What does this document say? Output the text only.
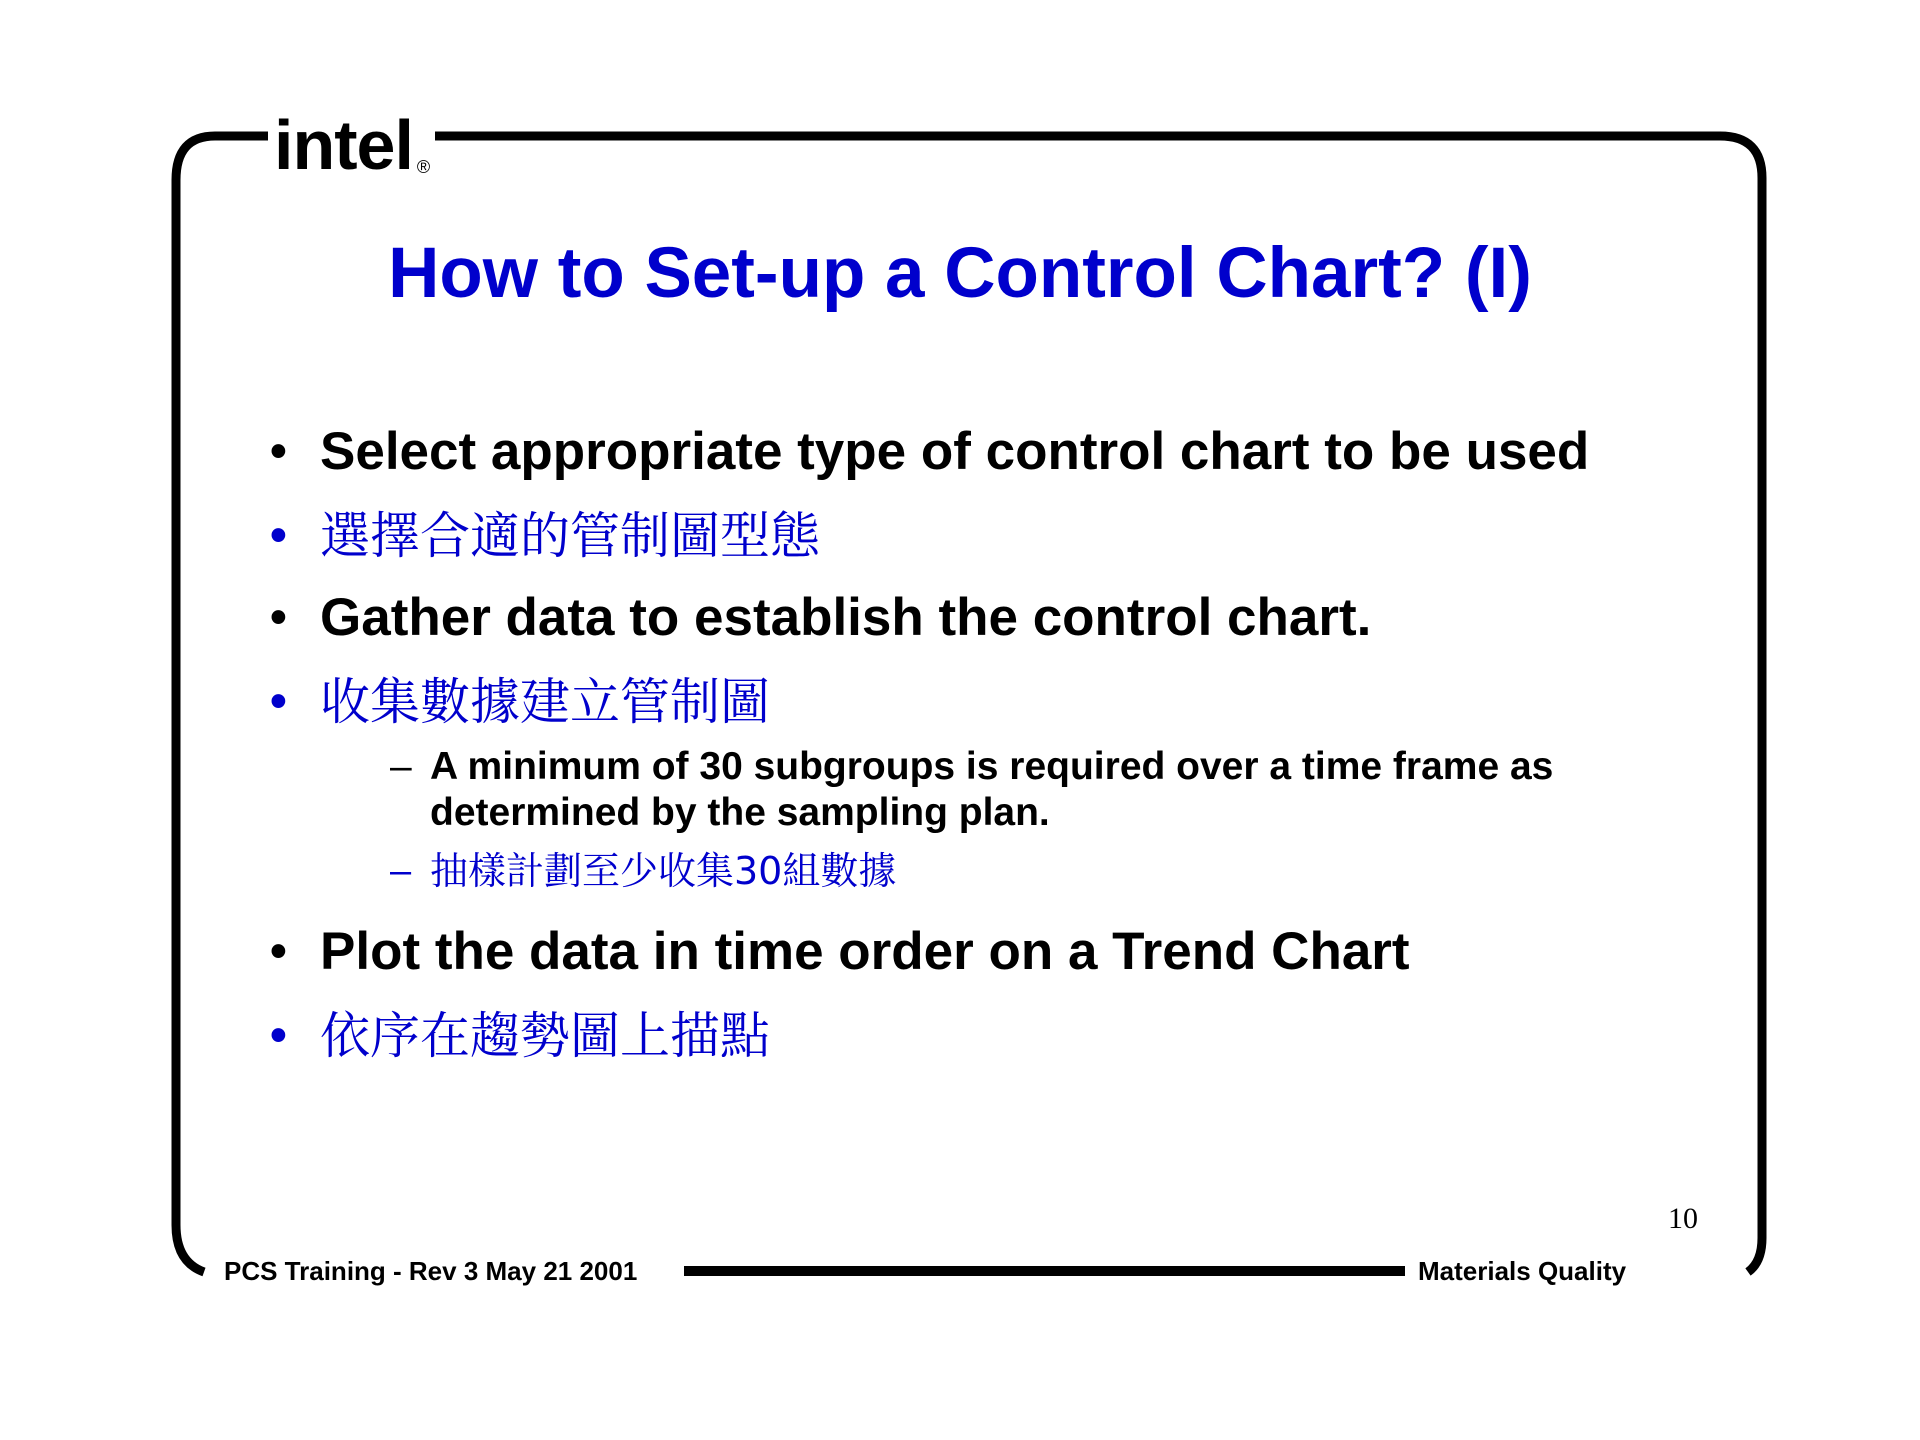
intel ®
How to Set-up a Control Chart? (I)
• Select appropriate type of control chart to be used
• 選擇合適的管制圖型態
• Gather data to establish the control chart.
• 收集數據建立管制圖
– A minimum of 30 subgroups is required over a time frame as determined by the sampling plan.
– 抽樣計劃至少收集30組數據
• Plot the data in time order on a Trend Chart
• 依序在趨勢圖上描點
10
PCS Training - Rev 3 May 21 2001	Materials Quality
